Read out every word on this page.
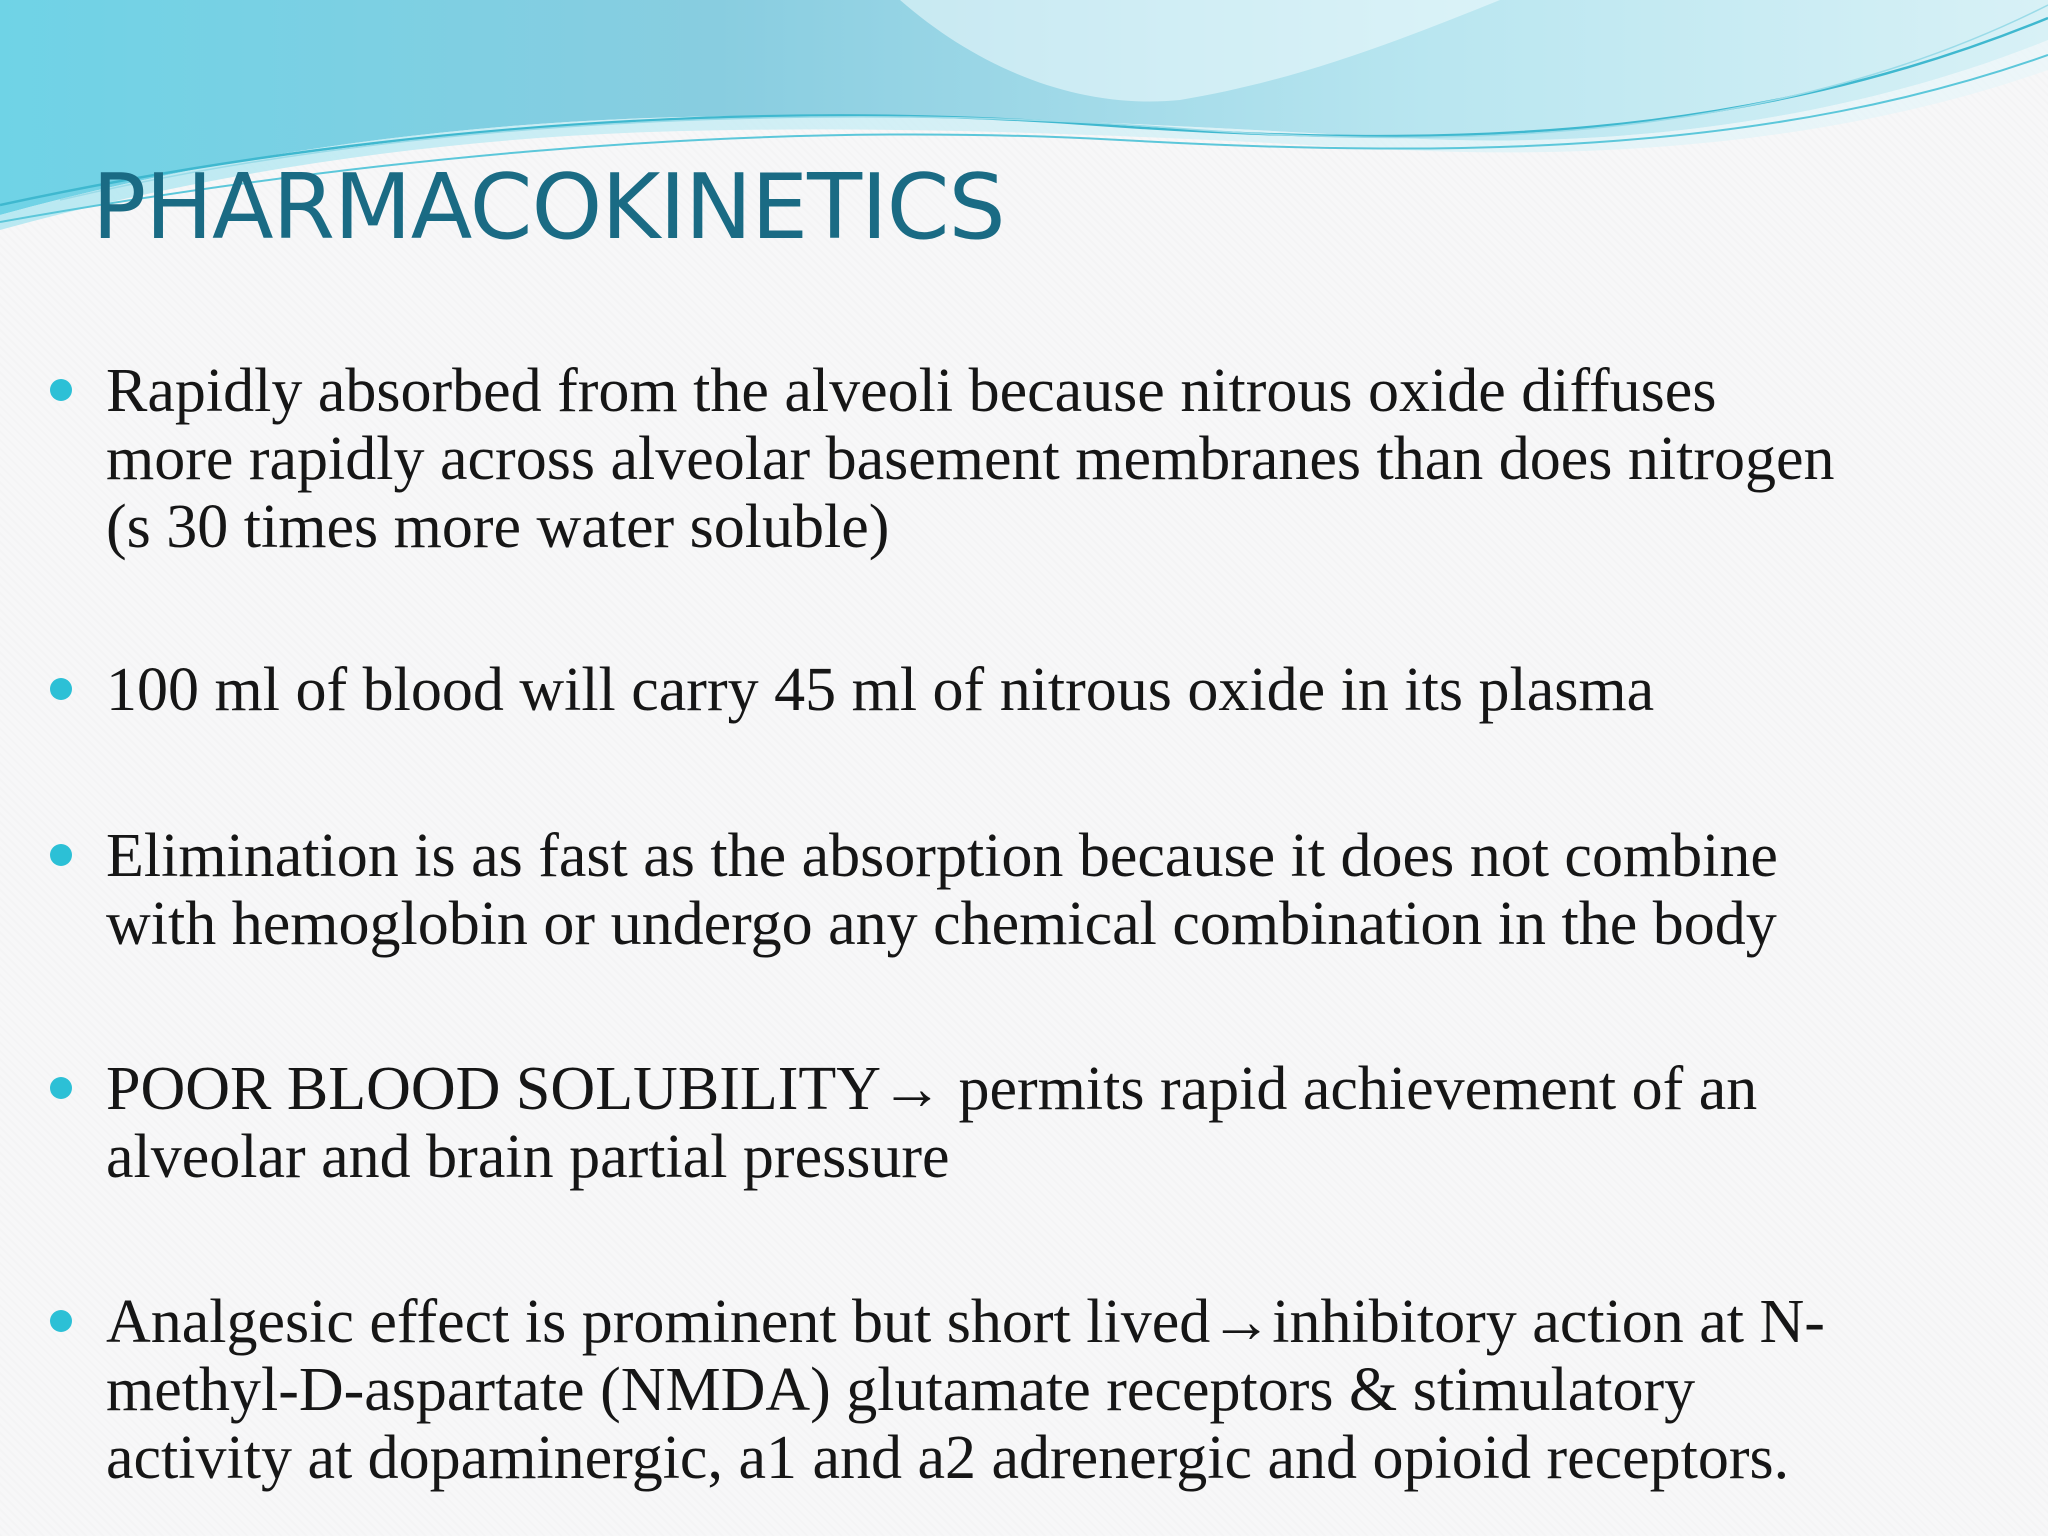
PHARMACOKINETICS
Rapidly absorbed from the alveoli because nitrous oxide diffuses
more rapidly across alveolar basement membranes than does nitrogen
(s 30 times more water soluble)
100 ml of blood will carry 45 ml of nitrous oxide in its plasma
Elimination is as fast as the absorption because it does not combine
with hemoglobin or undergo any chemical combination in the body
POOR BLOOD SOLUBILITY→ permits rapid achievement of an
alveolar and brain partial pressure
Analgesic effect is prominent but short lived→inhibitory action at N-
methyl-D-aspartate (NMDA) glutamate receptors & stimulatory
activity at dopaminergic, a1 and a2 adrenergic and opioid receptors.
